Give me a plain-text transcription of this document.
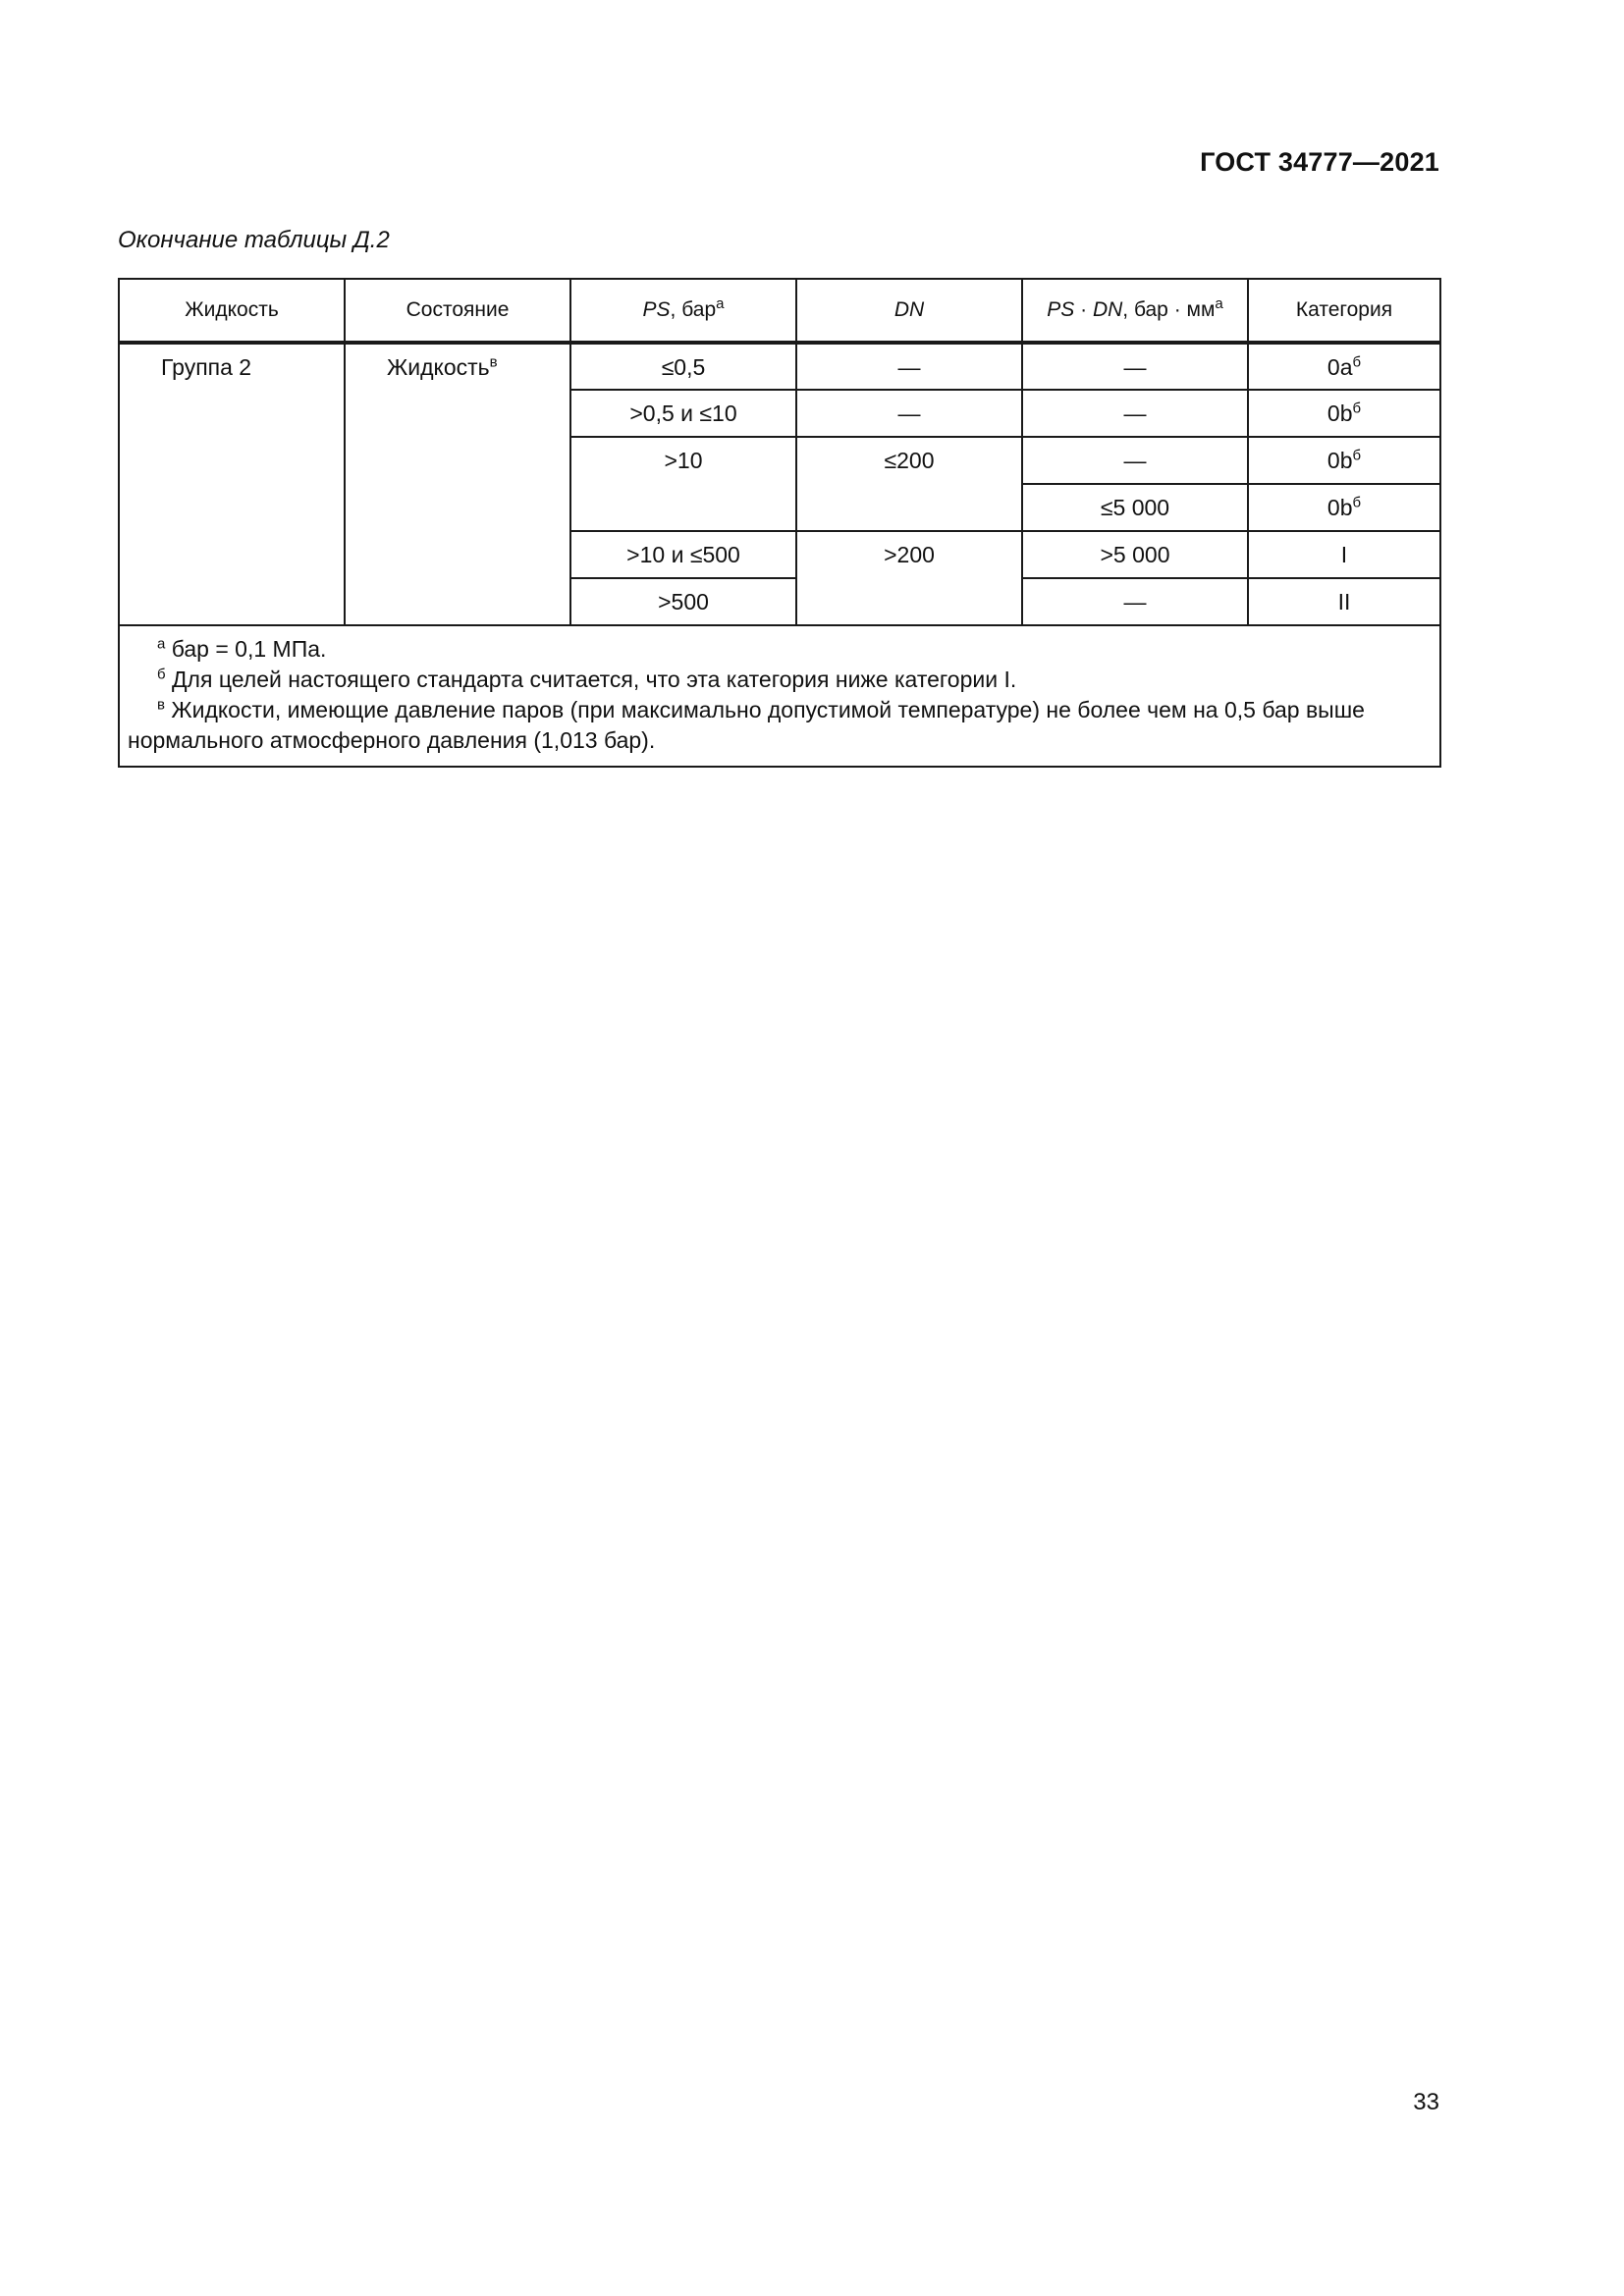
ГОСТ 34777—2021
Окончание таблицы Д.2
Жидкость	Состояние	PS, бар$^а$	DN	PS · DN, бар · $мм^а$	Категория
Группа 2	Жидкость$^в$	≤0,5	—	—	$0a^б$
		>0,5 и ≤10	—	—	$0b^б$
		>10	≤200	—	$0b^б$
				≤5 000	$0b^б$
		>10 и ≤500	>200	>5 000	I
		>500		—	II

$^а$ бар = 0,1 МПа.
$^б$ Для целей настоящего стандарта считается, что эта категория ниже категории I.
$^в$ Жидкости, имеющие давление паров (при максимально допустимой температуре) не более чем на 0,5 бар выше нормального атмосферного давления (1,013 бар).					
33
